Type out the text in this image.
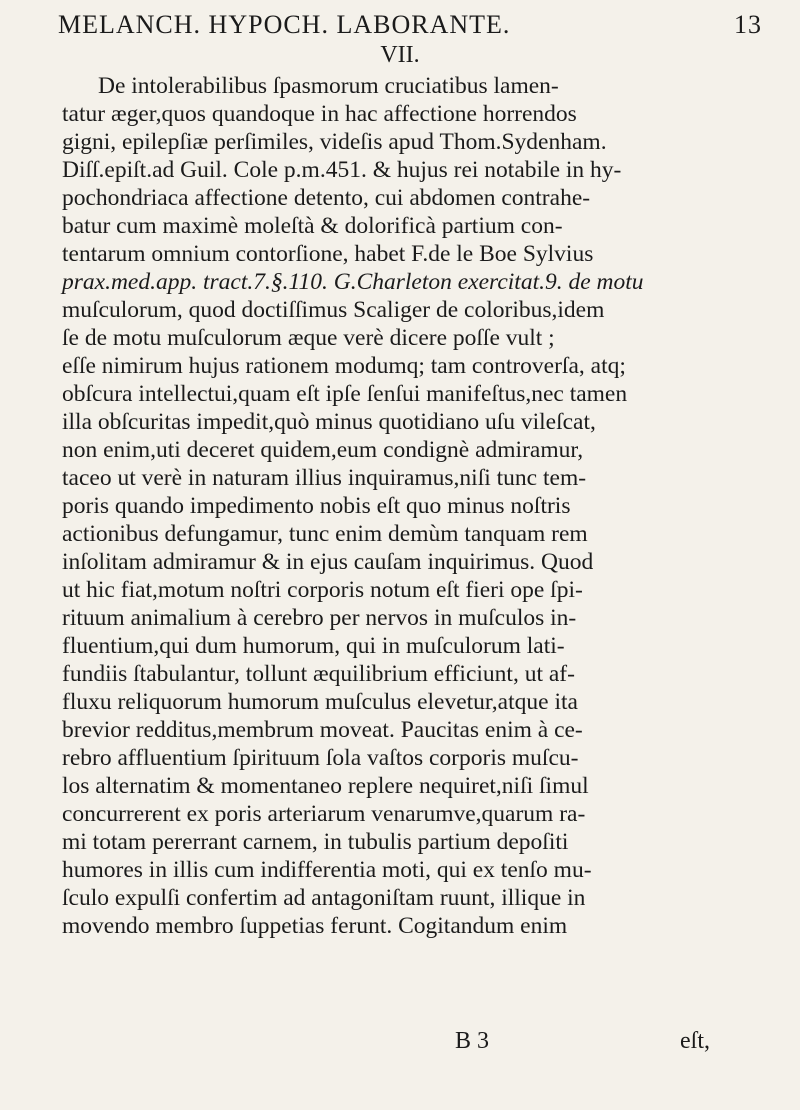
MELANCH. HYPOCH. LABORANTE.	13
VII.
De intolerabilibus ſpasmorum cruciatibus lamen-
tatur æger,quos quandoque in hac affectione horrendos
gigni, epilepſiæ perſimiles, videſis apud Thom.Sydenham.
Diſſ.epiſt.ad Guil. Cole p.m.451. & hujus rei notabile in hy-
pochondriaca affectione detento, cui abdomen contrahe-
batur cum maximè moleſtà & dolorificà partium con-
tentarum omnium contorſione, habet F.de le Boe Sylvius
prax.med.app. tract.7.§.110. G.Charleton exercitat.9. de motu
muſculorum, quod doctiſſimus Scaliger de coloribus,idem
ſe de motu muſculorum æque verè dicere poſſe vult ;
eſſe nimirum hujus rationem modumq; tam controverſa, atq;
obſcura intellectui,quam eſt ipſe ſenſui manifeſtus,nec tamen
illa obſcuritas impedit,quò minus quotidiano uſu vileſcat,
non enim,uti deceret quidem,eum condignè admiramur,
taceo ut verè in naturam illius inquiramus,niſi tunc tem-
poris quando impedimento nobis eſt quo minus noſtris
actionibus defungamur, tunc enim demùm tanquam rem
inſolitam admiramur & in ejus cauſam inquirimus. Quod
ut hic fiat,motum noſtri corporis notum eſt fieri ope ſpi-
rituum animalium à cerebro per nervos in muſculos in-
fluentium,qui dum humorum, qui in muſculorum lati-
fundiis ſtabulantur, tollunt æquilibrium efficiunt, ut af-
fluxu reliquorum humorum muſculus elevetur,atque ita
brevior redditus,membrum moveat. Paucitas enim à ce-
rebro affluentium ſpirituum ſola vaſtos corporis muſcu-
los alternatim & momentaneo replere nequiret,niſi ſimul
concurrerent ex poris arteriarum venarumve,quarum ra-
mi totam pererrant carnem, in tubulis partium depoſiti
humores in illis cum indifferentia moti, qui ex tenſo mu-
ſculo expulſi confertim ad antagoniſtam ruunt, illique in
movendo membro ſuppetias ferunt. Cogitandum enim
B 3	eſt,
